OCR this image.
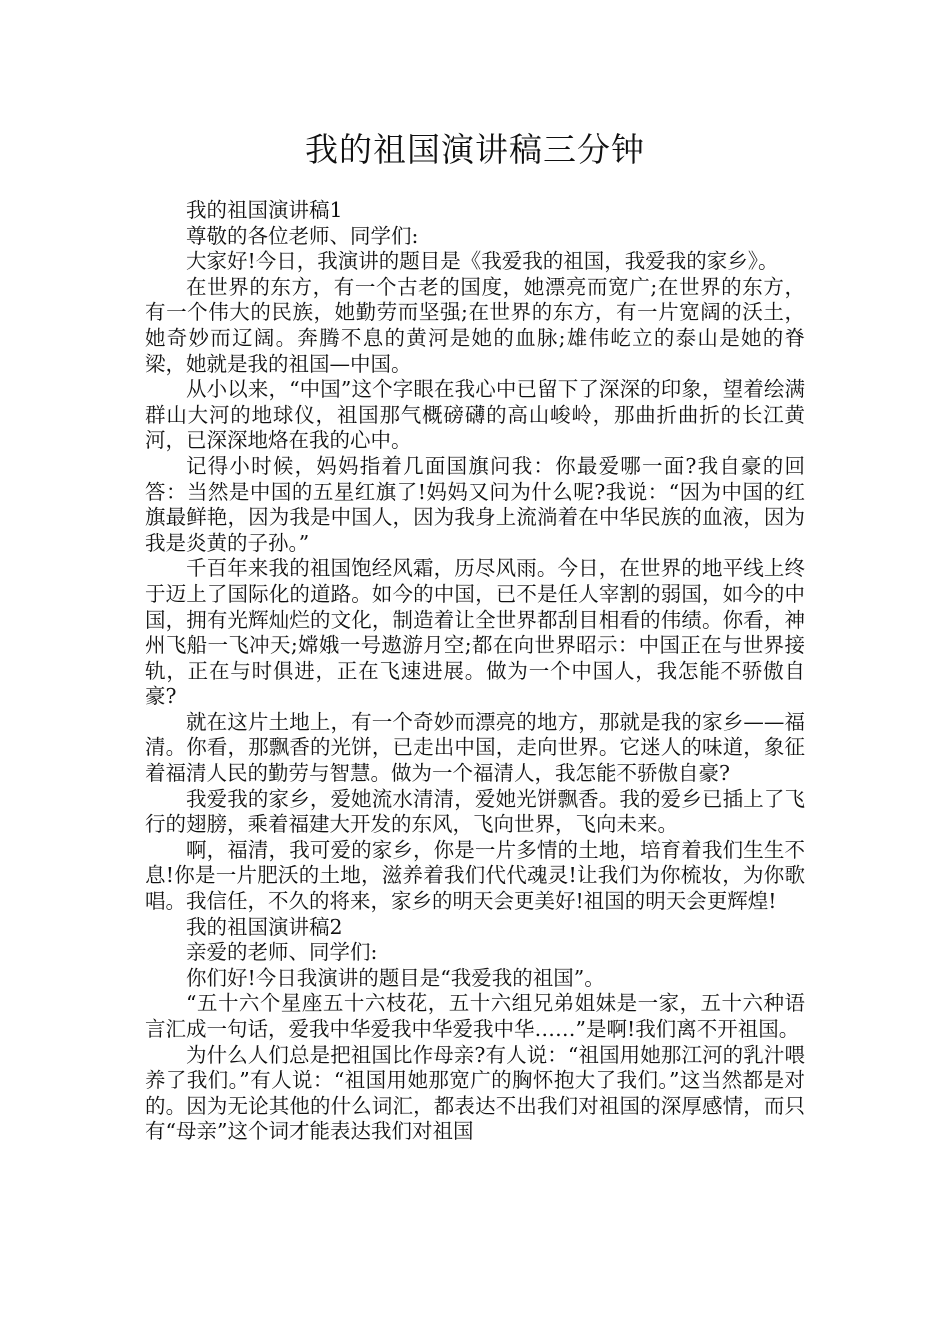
我的祖国演讲稿三分钟

我的祖国演讲稿1

尊敬的各位老师、同学们:

大家好!今日，我演讲的题目是《我爱我的祖国，我爱我的家乡》。

在世界的东方，有一个古老的国度，她漂亮而宽广;在世界的东方，有一个伟大的民族，她勤劳而坚强;在世界的东方，有一片宽阔的沃土，她奇妙而辽阔。奔腾不息的黄河是她的血脉;雄伟屹立的泰山是她的脊梁，她就是我的祖国—中国。

从小以来，“中国”这个字眼在我心中已留下了深深的印象，望着绘满群山大河的地球仪，祖国那气概磅礴的高山峻岭，那曲折曲折的长江黄河，已深深地烙在我的心中。

记得小时候，妈妈指着几面国旗问我：你最爱哪一面?我自豪的回答：当然是中国的五星红旗了!妈妈又问为什么呢?我说：“因为中国的红旗最鲜艳，因为我是中国人，因为我身上流淌着在中华民族的血液，因为我是炎黄的子孙。”

千百年来我的祖国饱经风霜，历尽风雨。今日，在世界的地平线上终于迈上了国际化的道路。如今的中国，已不是任人宰割的弱国，如今的中国，拥有光辉灿烂的文化，制造着让全世界都刮目相看的伟绩。你看，神州飞船一飞冲天;嫦娥一号遨游月空;都在向世界昭示：中国正在与世界接轨，正在与时俱进，正在飞速进展。做为一个中国人，我怎能不骄傲自豪?

就在这片土地上，有一个奇妙而漂亮的地方，那就是我的家乡——福清。你看，那飘香的光饼，已走出中国，走向世界。它迷人的味道，象征着福清人民的勤劳与智慧。做为一个福清人，我怎能不骄傲自豪?

我爱我的家乡，爱她流水清清，爱她光饼飘香。我的爱乡已插上了飞行的翅膀，乘着福建大开发的东风，飞向世界，飞向未来。

啊，福清，我可爱的家乡，你是一片多情的土地，培育着我们生生不息!你是一片肥沃的土地，滋养着我们代代魂灵!让我们为你梳妆，为你歌唱。我信任，不久的将来，家乡的明天会更美好!祖国的明天会更辉煌!

我的祖国演讲稿2

亲爱的老师、同学们:

你们好!今日我演讲的题目是“我爱我的祖国”。

“五十六个星座五十六枝花，五十六组兄弟姐妹是一家，五十六种语言汇成一句话，爱我中华爱我中华爱我中华……”是啊!我们离不开祖国。

为什么人们总是把祖国比作母亲?有人说：“祖国用她那江河的乳汁喂养了我们。”有人说：“祖国用她那宽广的胸怀抱大了我们。”这当然都是对的。因为无论其他的什么词汇，都表达不出我们对祖国的深厚感情，而只有“母亲”这个词才能表达我们对祖国
